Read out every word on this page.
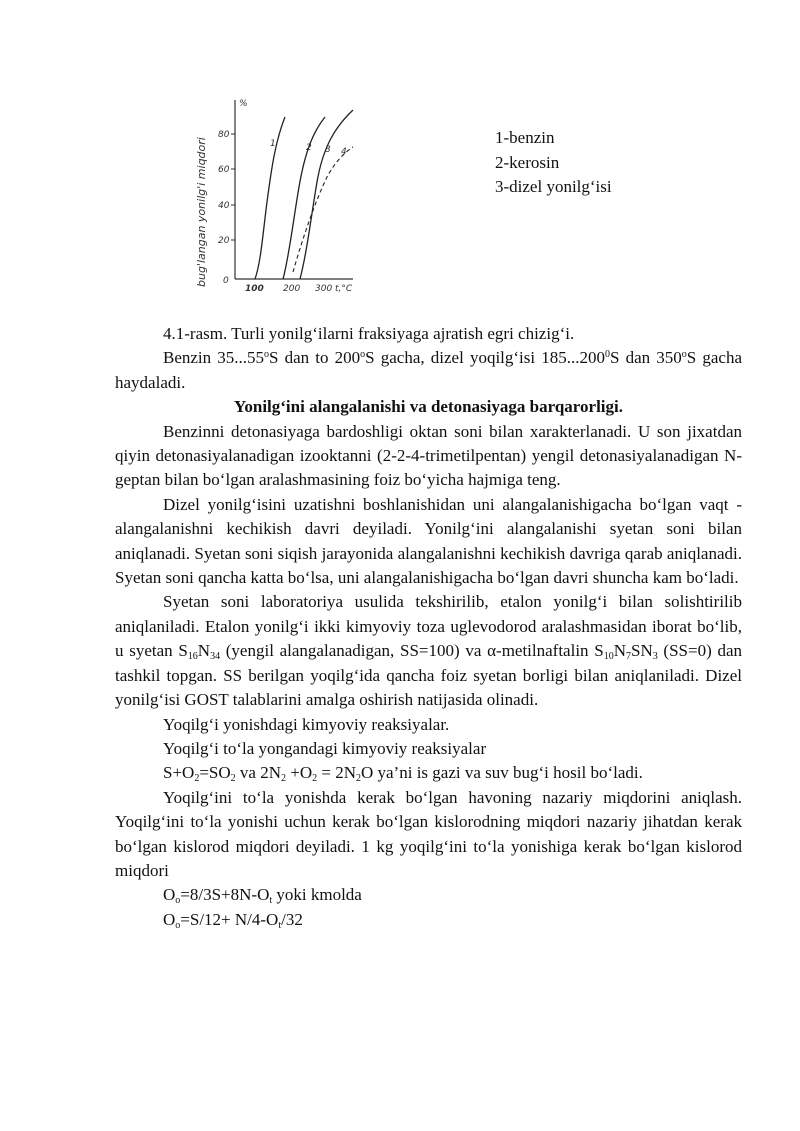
bug'langan yonilg'i miqdori
%
80
60
40
20
0
100 200 300 t,°C
1	2 3 4
1-benzin
2-kerosin
3-dizel yonilg‘isi

4.1-rasm. Turli yonilg‘ilarni fraksiyaga ajratish egri chizig‘i.

Benzin 35...55$^o$S dan to 200$^o$S gacha, dizel yoqilg‘isi 185...200$^0$S dan 350$^o$S gacha haydaladi.

Yonilg‘ini alangalanishi va detonasiyaga barqarorligi.

Benzinni detonasiyaga bardoshligi oktan soni bilan xarakterlanadi. U son jixatdan qiyin detonasiyalanadigan izooktanni (2-2-4-trimetilpentan) yengil detonasiyalanadigan N-geptan bilan bo‘lgan aralashmasining foiz bo‘yicha hajmiga teng.

Dizel yonilg‘isini uzatishni boshlanishidan uni alangalanishigacha bo‘lgan vaqt - alangalanishni kechikish davri deyiladi. Yonilg‘ini alangalanishi syetan soni bilan aniqlanadi. Syetan soni siqish jarayonida alangalanishni kechikish davriga qarab aniqlanadi. Syetan soni qancha katta bo‘lsa, uni alangalanishigacha bo‘lgan davri shuncha kam bo‘ladi.

Syetan soni laboratoriya usulida tekshirilib, etalon yonilg‘i bilan solishtirilib aniqlaniladi. Etalon yonilg‘i ikki kimyoviy toza uglevodorod aralashmasidan iborat bo‘lib, u syetan $S_{16}N_{34}$ (yengil alangalanadigan, SS=100) va α-metilnaftalin $S_{10}N_7SN_3$ (SS=0) dan tashkil topgan. SS berilgan yoqilg‘ida qancha foiz syetan borligi bilan aniqlaniladi. Dizel yonilg‘isi GOST talablarini amalga oshirish natijasida olinadi.

Yoqilg‘i yonishdagi kimyoviy reaksiyalar.

Yoqilg‘i to‘la yongandagi kimyoviy reaksiyalar

$S+O_2=SO_2$ va $2N_2 +O_2 = 2N_2O$ ya’ni is gazi va suv bug‘i hosil bo‘ladi.

Yoqilg‘ini to‘la yonishda kerak bo‘lgan havoning nazariy miqdorini aniqlash. Yoqilg‘ini to‘la yonishi uchun kerak bo‘lgan kislorodning miqdori nazariy jihatdan kerak bo‘lgan kislorod miqdori deyiladi. 1 kg yoqilg‘ini to‘la yonishiga kerak bo‘lgan kislorod miqdori

$O_o=8/3S+8N-O_t$ yoki kmolda

$O_o=S/12+ N/4-O_t/32$
